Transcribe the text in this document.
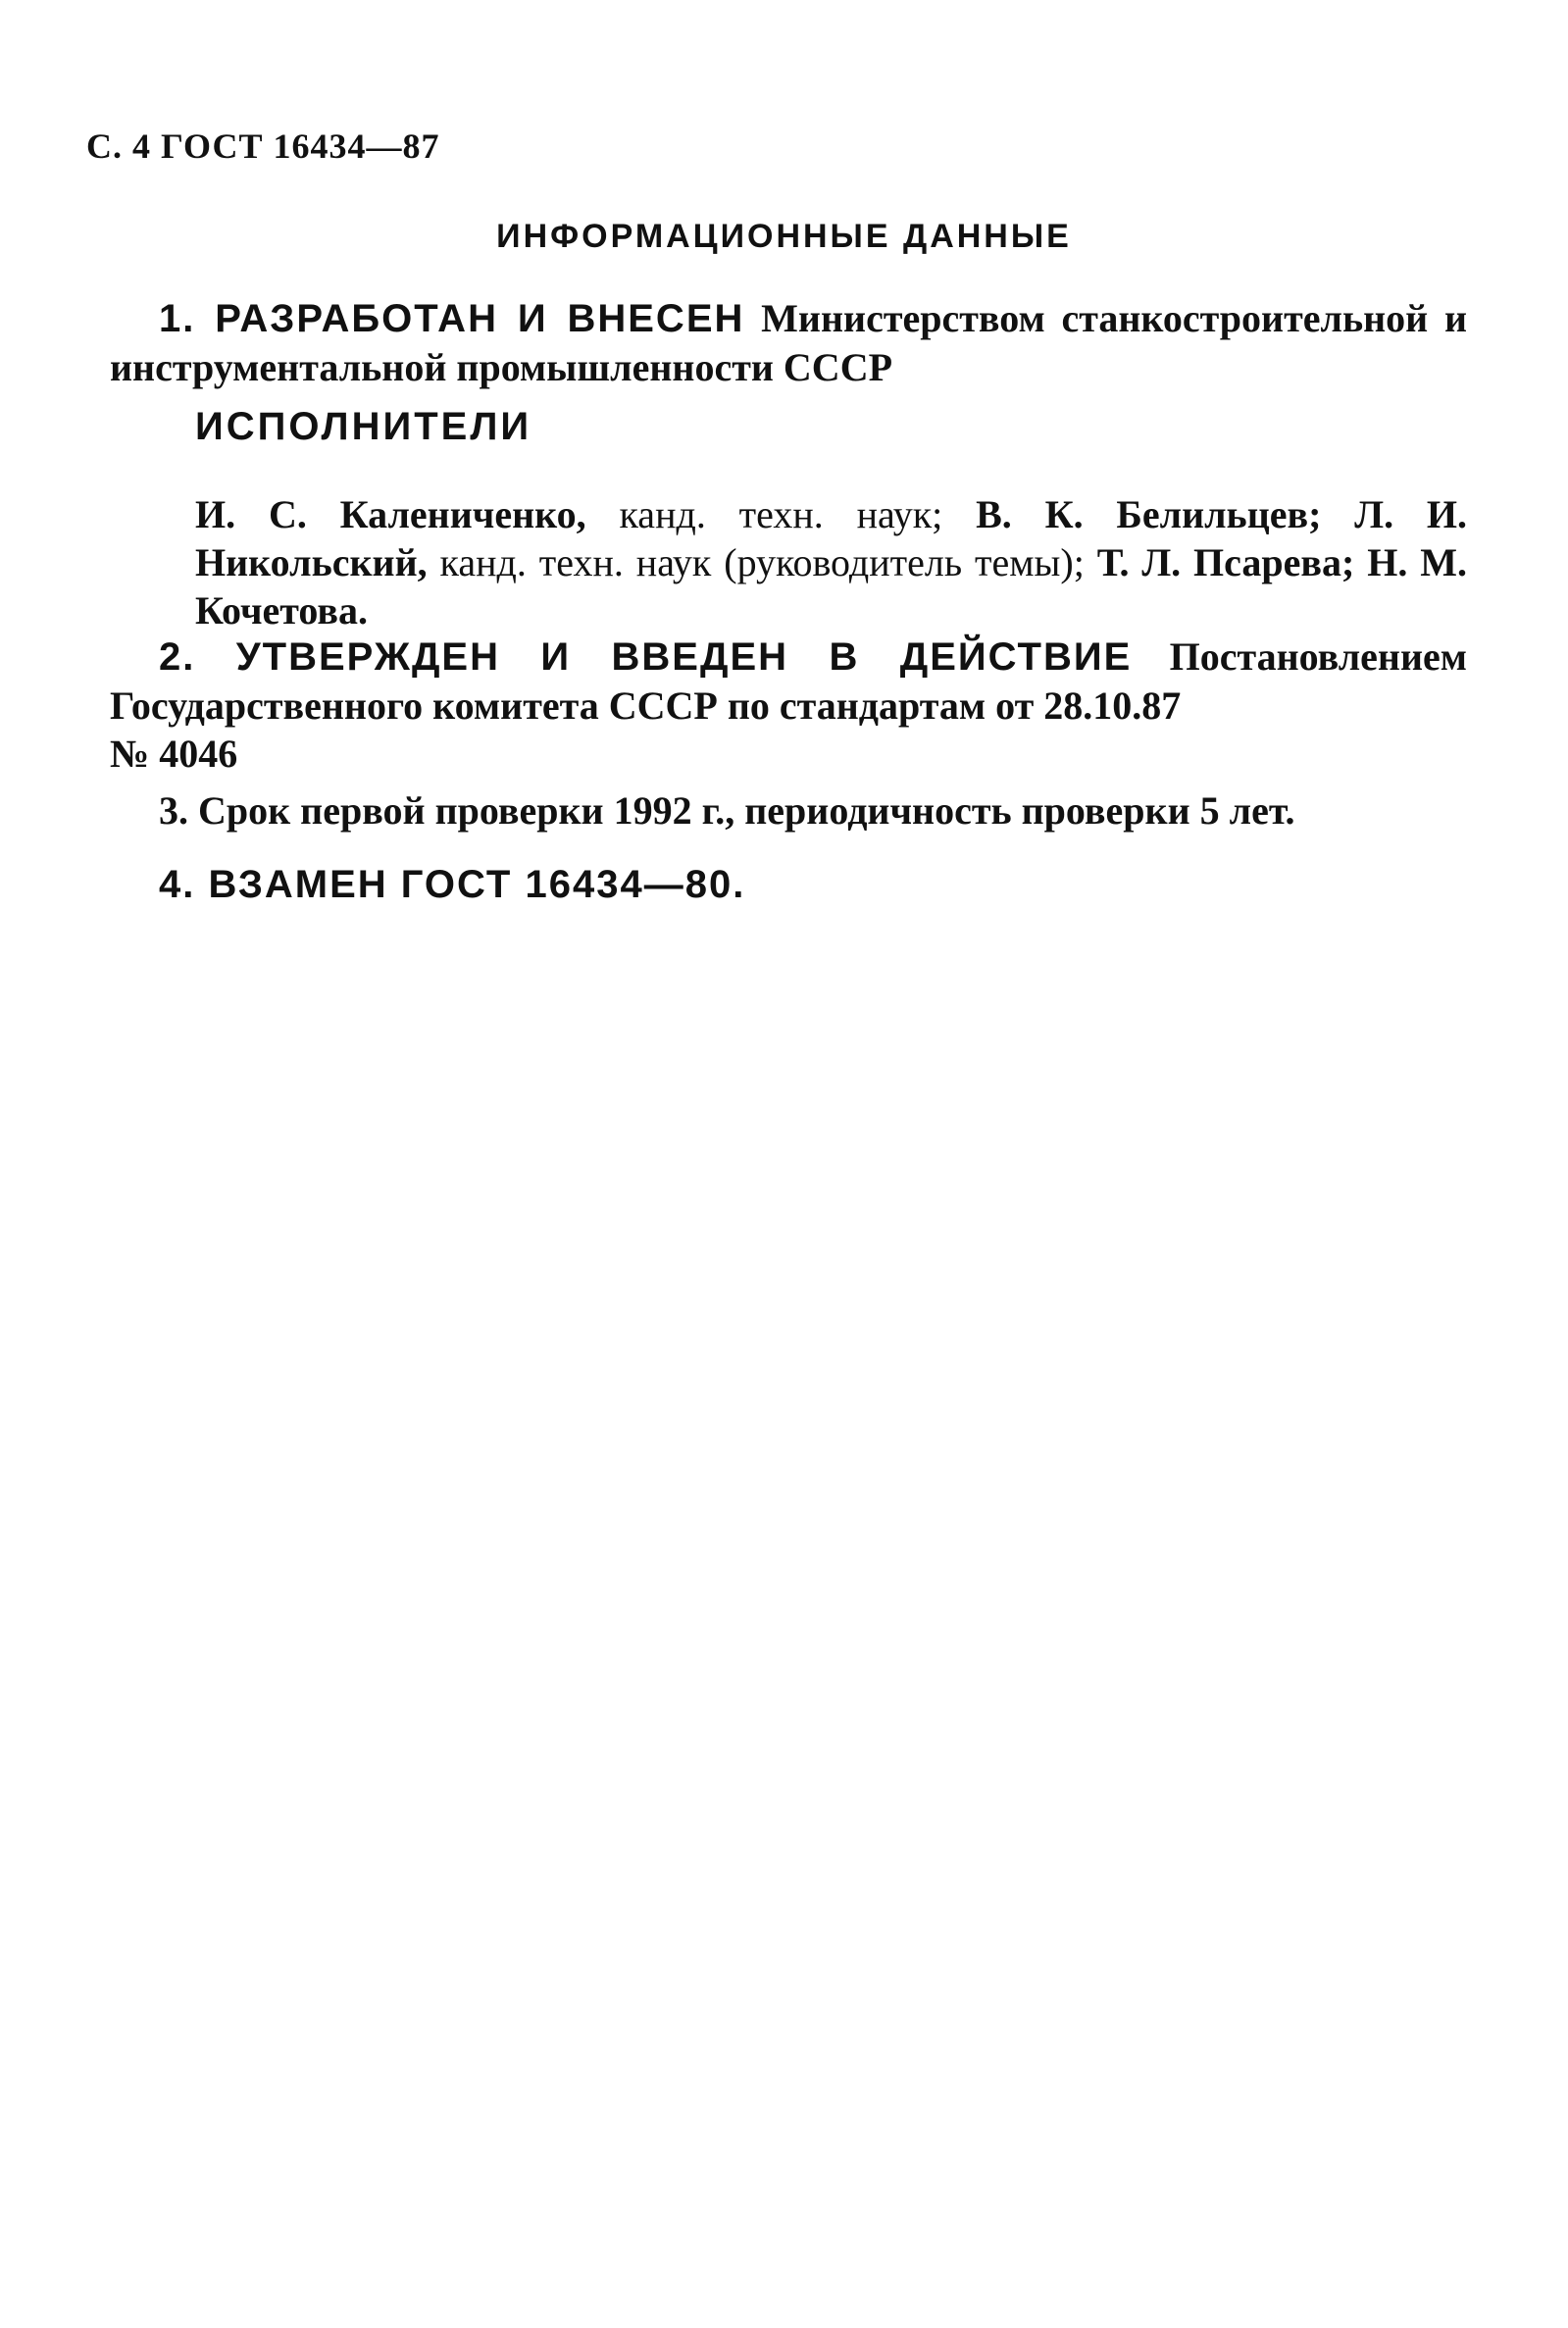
С. 4 ГОСТ 16434—87
ИНФОРМАЦИОННЫЕ ДАННЫЕ
1. РАЗРАБОТАН И ВНЕСЕН Министерством станкостроительной и инструментальной промышленности СССР
ИСПОЛНИТЕЛИ
И. С. Калениченко, канд. техн. наук; В. К. Белильцев; Л. И. Никольский, канд. техн. наук (руководитель темы); Т. Л. Псарева; Н. М. Кочетова.
2. УТВЕРЖДЕН И ВВЕДЕН В ДЕЙСТВИЕ Постановлением Государственного комитета СССР по стандартам от 28.10.87
№ 4046
3. Срок первой проверки 1992 г., периодичность проверки 5 лет.
4. ВЗАМЕН ГОСТ 16434—80.
